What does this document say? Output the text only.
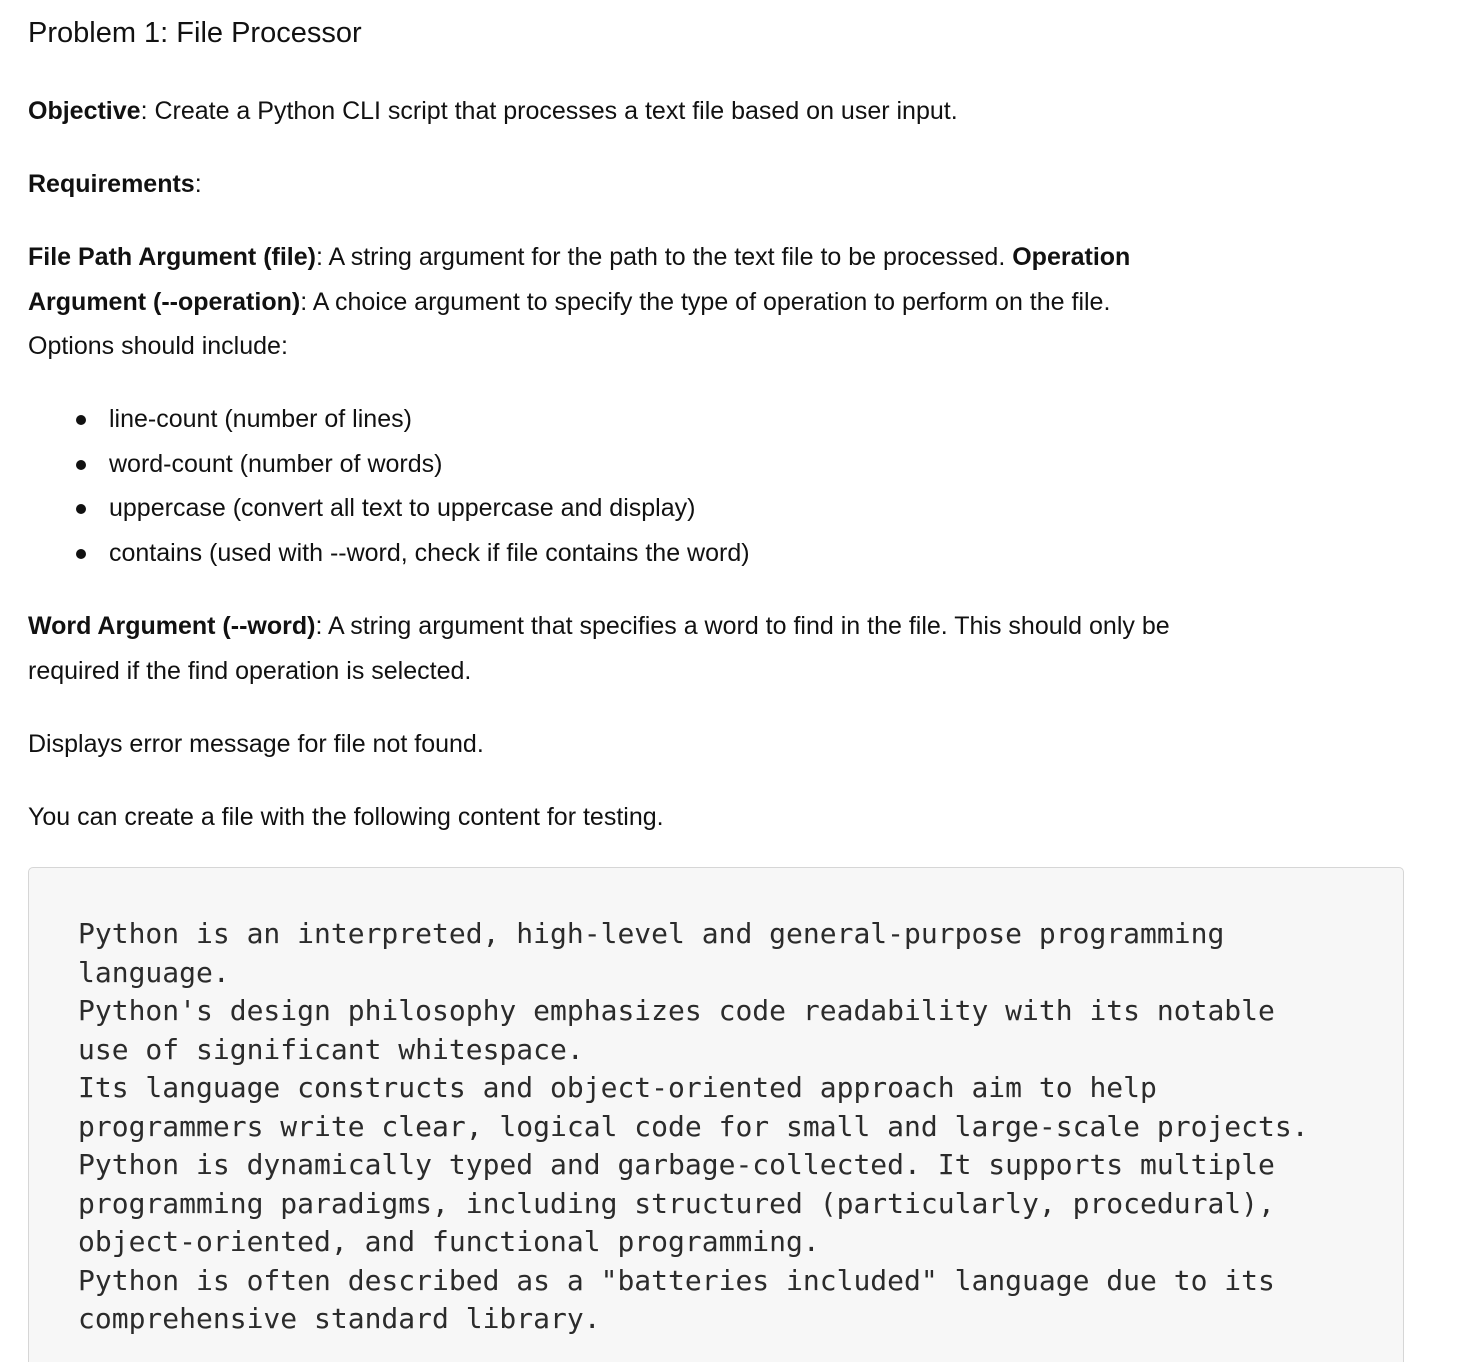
Problem 1: File Processor

Objective: Create a Python CLI script that processes a text file based on user input.

Requirements:

File Path Argument (file): A string argument for the path to the text file to be processed. Operation
Argument (--operation): A choice argument to specify the type of operation to perform on the file.
Options should include:

line-count (number of lines)
word-count (number of words)
uppercase (convert all text to uppercase and display)
contains (used with --word, check if file contains the word)

Word Argument (--word): A string argument that specifies a word to find in the file. This should only be
required if the find operation is selected.

Displays error message for file not found.

You can create a file with the following content for testing.

Python is an interpreted, high-level and general-purpose programming
language.
Python's design philosophy emphasizes code readability with its notable
use of significant whitespace.
Its language constructs and object-oriented approach aim to help
programmers write clear, logical code for small and large-scale projects.
Python is dynamically typed and garbage-collected. It supports multiple
programming paradigms, including structured (particularly, procedural),
object-oriented, and functional programming.
Python is often described as a "batteries included" language due to its
comprehensive standard library.
